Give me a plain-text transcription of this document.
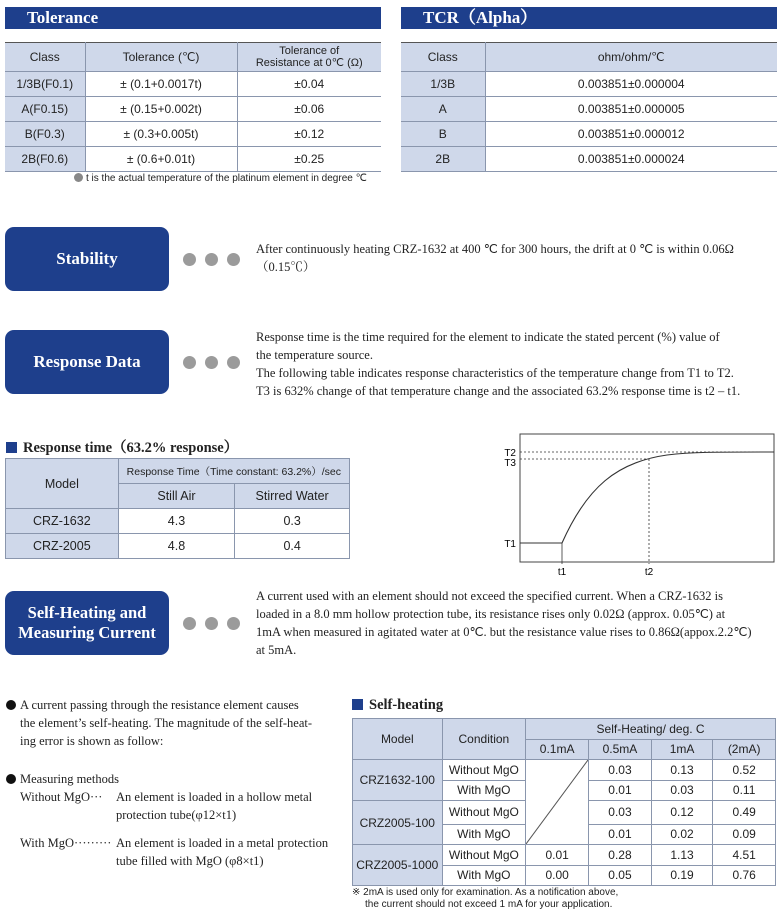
Tolerance
Class	Tolerance (℃)	Tolerance of
Resistance at 0℃ (Ω)

1/3B(F0.1)	± (0.1+0.0017t)	±0.04
A(F0.15)	± (0.15+0.002t)	±0.06
B(F0.3)	± (0.3+0.005t)	±0.12
2B(F0.6)	± (0.6+0.01t)	±0.25
t is the actual temperature of the platinum element in degree ℃
TCR（Alpha）
Class	ohm/ohm/℃
1/3B	0.003851±0.000004
A	0.003851±0.000005
B	0.003851±0.000012
2B	0.003851±0.000024
Stability	After continuously heating CRZ-1632 at 400 ℃ for 300 hours, the drift at 0 ℃ is within 0.06Ω
（0.15℃）
Response Data
Response time is the time required for the element to indicate the stated percent (%) value of
the temperature source.
The following table indicates response characteristics of the temperature change from T1 to T2.
T3 is 632% change of that temperature change and the associated 63.2% response time is t2 – t1.
Response time（63.2% response）
Model	Response Time（Time constant: 63.2%）/sec	
	Still Air	Stirred Water
CRZ-1632	4.3	0.3
CRZ-2005	4.8	0.4
T2
T3
T1
t1	t2
Self-Heating and
Measuring Current
A current used with an element should not exceed the specified current. When a CRZ-1632 is
loaded in a 8.0 mm hollow protection tube, its resistance rises only 0.02Ω (approx. 0.05℃) at
1mA when measured in agitated water at 0℃. but the resistance value rises to 0.86Ω(appox.2.2℃)
at 5mA.
A current passing through the resistance element causes
the element’s self-heating. The magnitude of the self-heat-
ing error is shown as follow:
Measuring methods
Without MgO··· An element is loaded in a hollow metal
protection tube(φ12×t1)
With MgO········· An element is loaded in a metal protection
tube filled with MgO (φ8×t1)
Self-heating
Model	Condition	Self-Heating/ deg. C			
		0.1mA	0.5mA	1mA	(2mA)
CRZ1632-100	Without MgO		0.03	0.13	0.52
	With MgO		0.01	0.03	0.11
CRZ2005-100	Without MgO		0.03	0.12	0.49
	With MgO		0.01	0.02	0.09
CRZ2005-1000	Without MgO	0.01	0.28	1.13	4.51
	With MgO	0.00	0.05	0.19	0.76
※ 2mA is used only for examination. As a notification above,
the current should not exceed 1 mA for your application.
